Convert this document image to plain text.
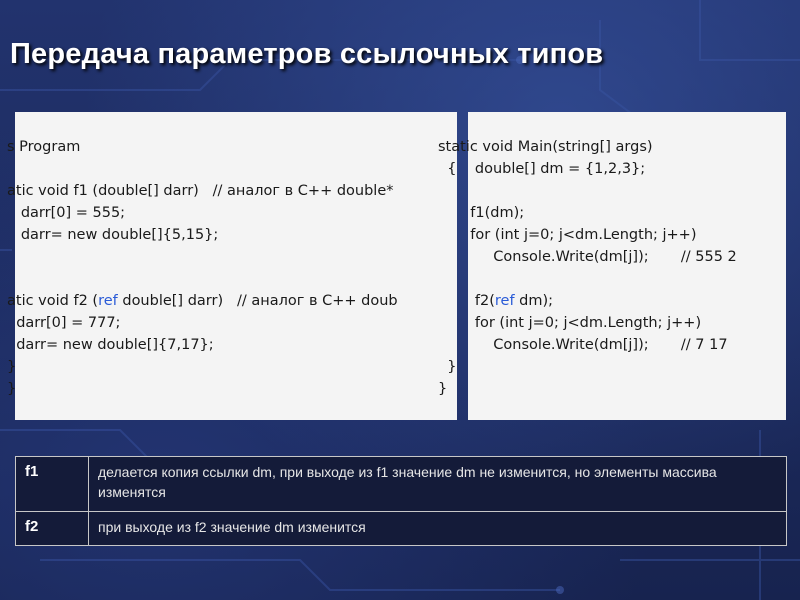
Передача параметров ссылочных типов
s Program
atic void f1 (double[] darr)   // аналог в С++ double*
darr[0] = 555;
darr= new double[]{5,15};
atic void f2 (ref double[] darr)   // аналог в С++ doub
darr[0] = 777;
darr= new double[]{7,17};
}
}
static void Main(string[] args)
{    double[] dm = {1,2,3};
f1(dm);
for (int j=0; j<dm.Length; j++)
Console.Write(dm[j]);       // 555 2
f2(ref dm);
for (int j=0; j<dm.Length; j++)
Console.Write(dm[j]);       // 7 17
}
}
f1	делается копия ссылки dm, при выходе из f1 значение dm не изменится, но элементы массива изменятся
f2	при выходе из f2 значение dm изменится
